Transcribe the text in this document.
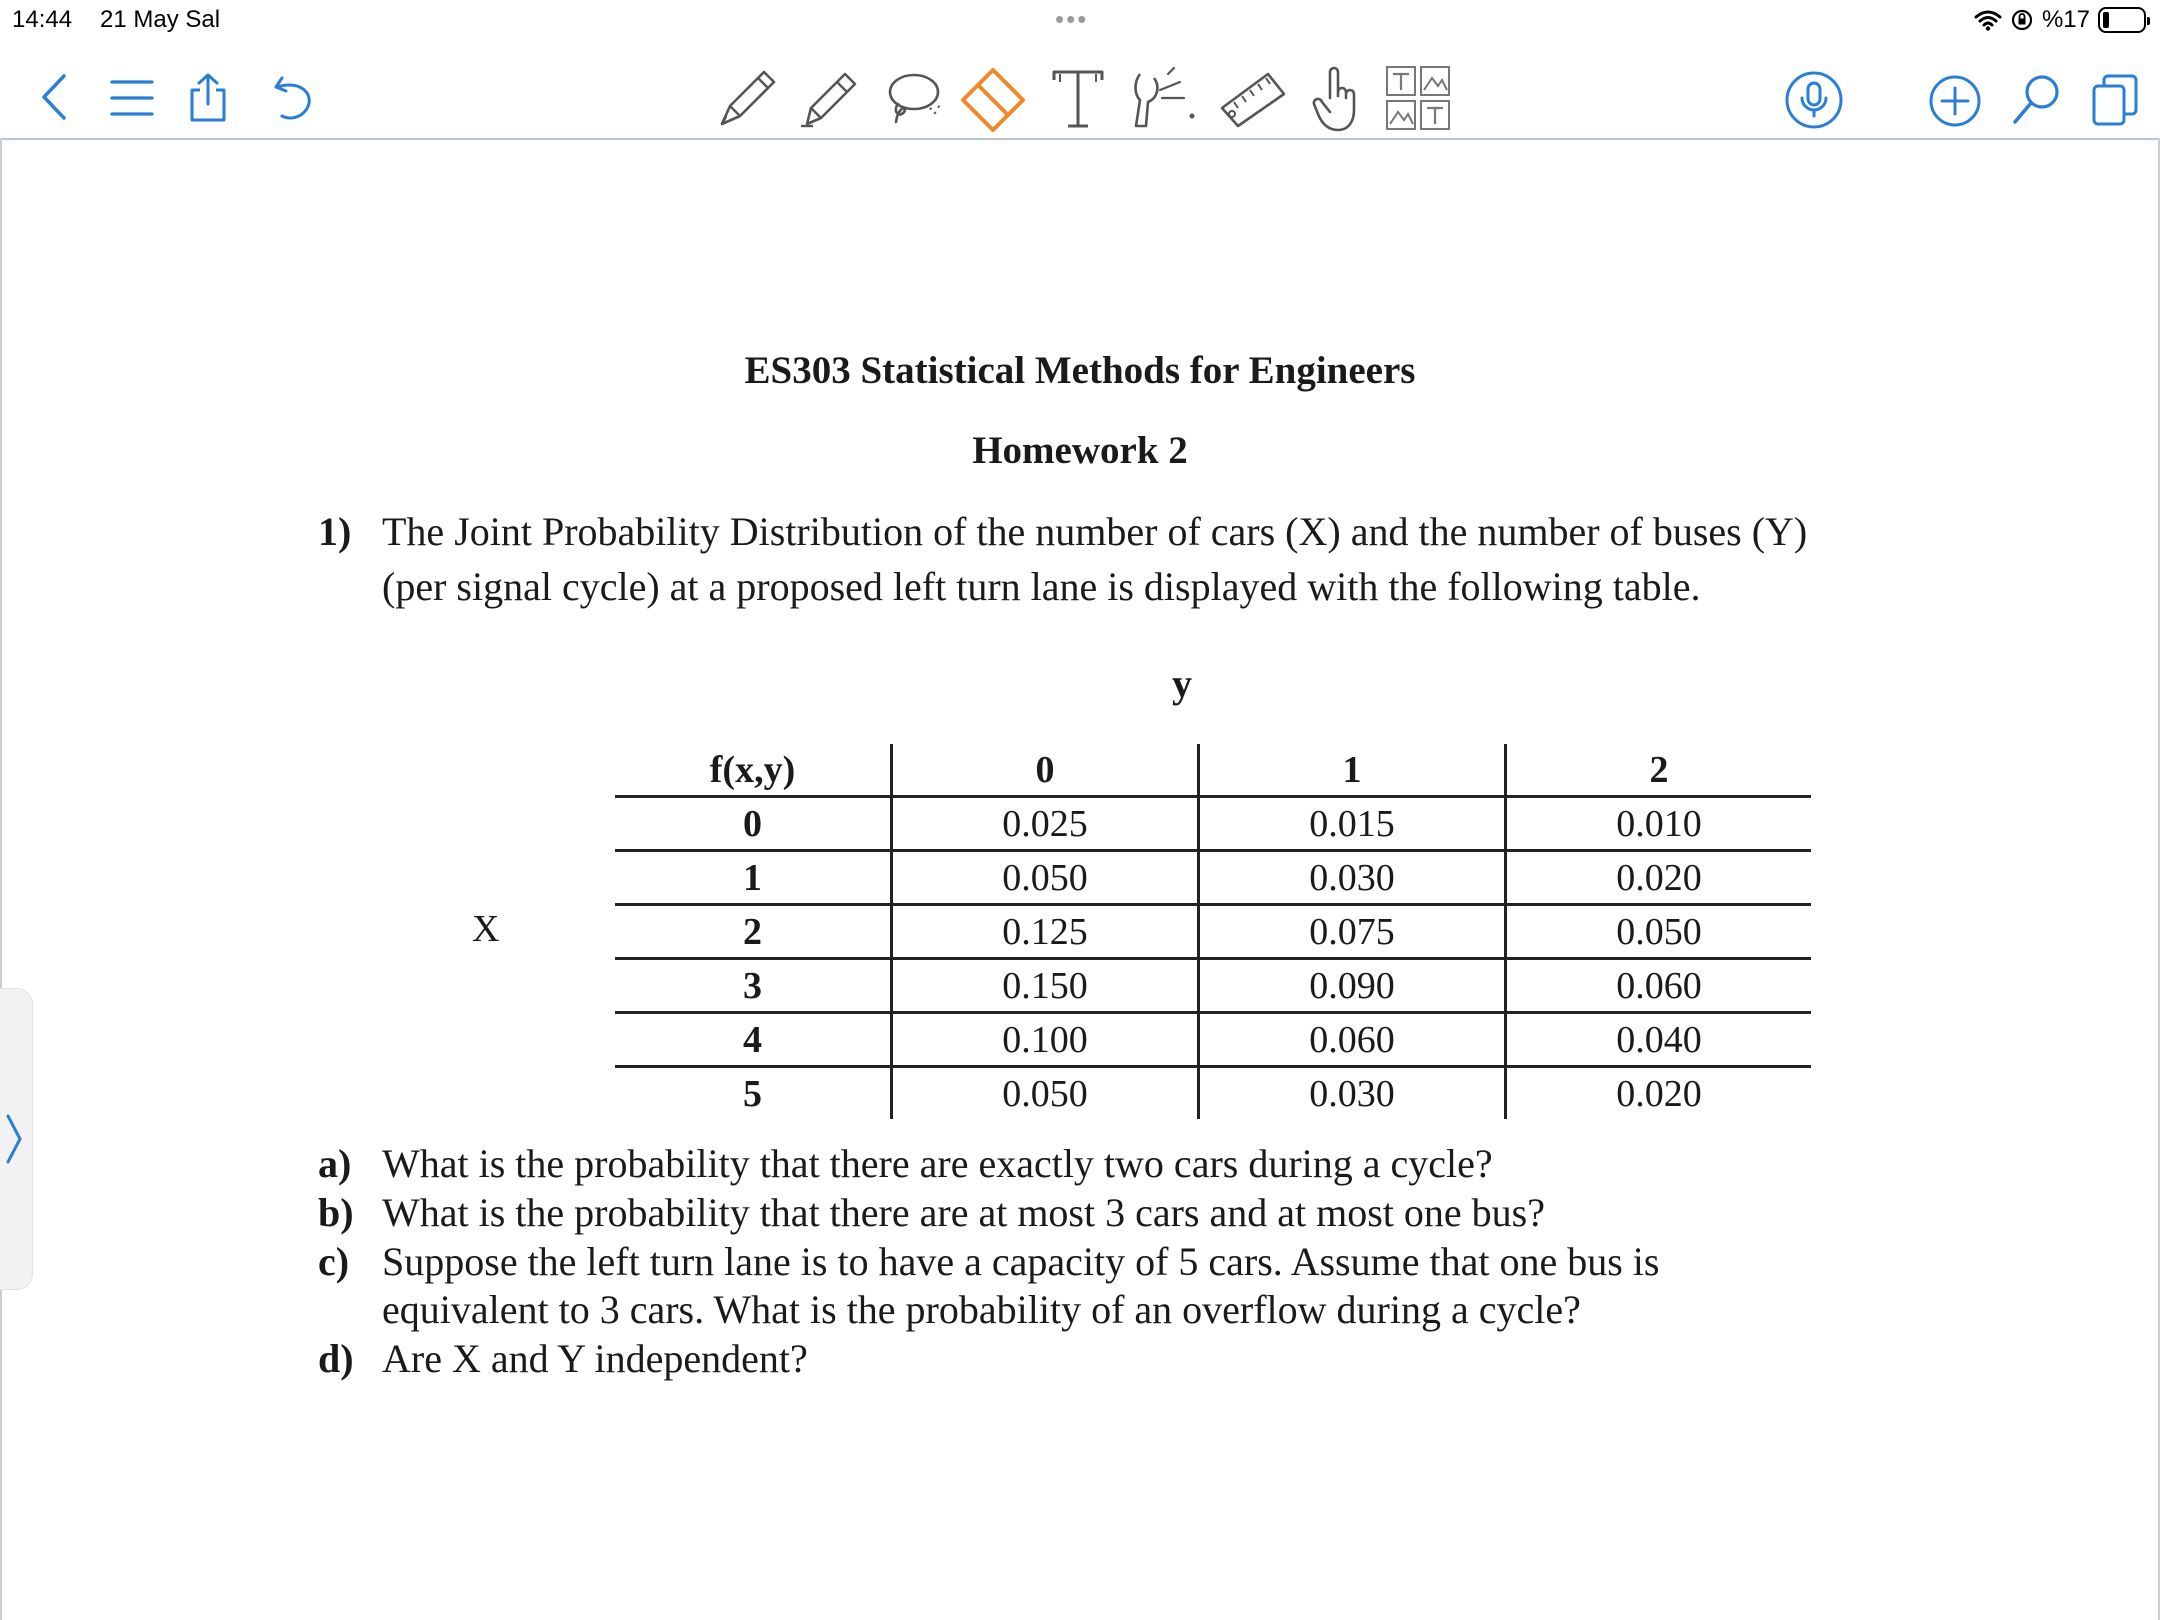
14:44 21 May Sal	•••	%17
ES303 Statistical Methods for Engineers
Homework 2
1) The Joint Probability Distribution of the number of cars (X) and the number of buses (Y)
(per signal cycle) at a proposed left turn lane is displayed with the following table.
y
X
f(x,y)	0	1	2
0	0.025	0.015	0.010
1	0.050	0.030	0.020
2	0.125	0.075	0.050
3	0.150	0.090	0.060
4	0.100	0.060	0.040
5	0.050	0.030	0.020
a) What is the probability that there are exactly two cars during a cycle?
b) What is the probability that there are at most 3 cars and at most one bus?
c) Suppose the left turn lane is to have a capacity of 5 cars. Assume that one bus is
equivalent to 3 cars. What is the probability of an overflow during a cycle?
d) Are X and Y independent?
